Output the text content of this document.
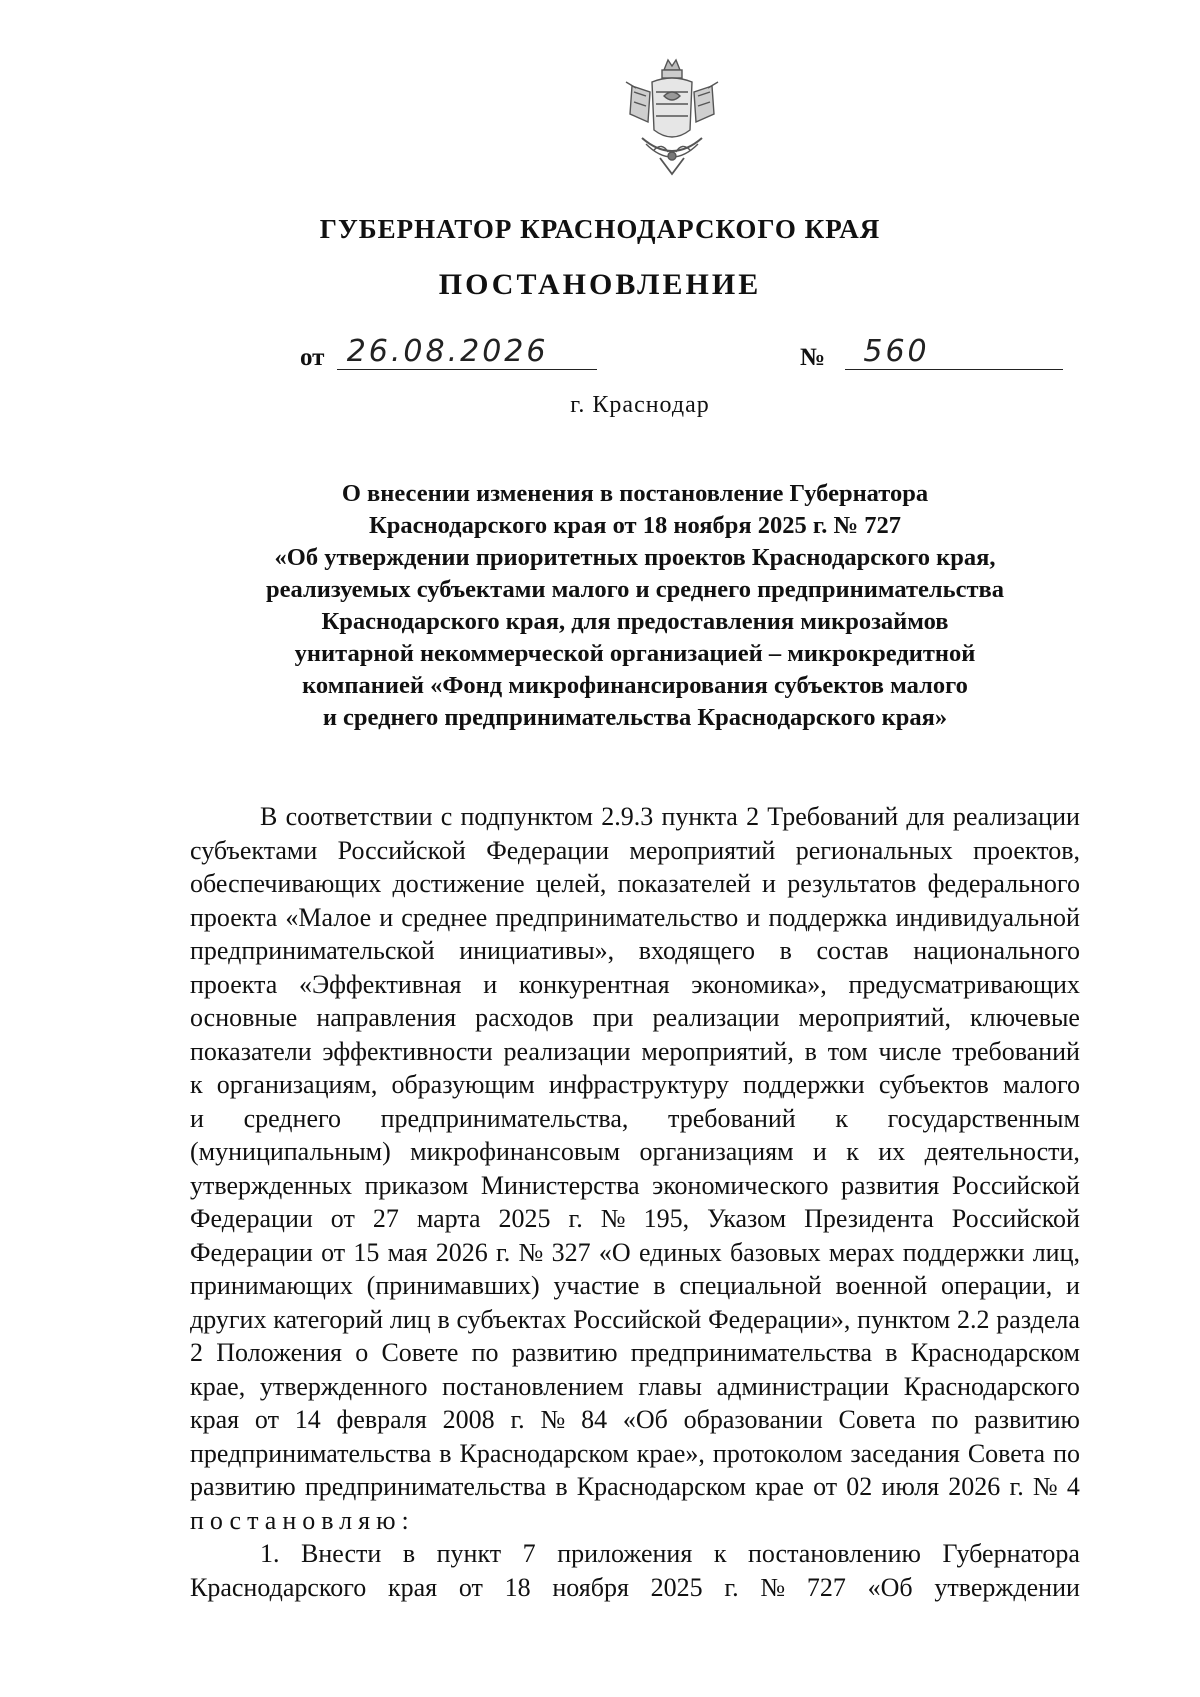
ГУБЕРНАТОР КРАСНОДАРСКОГО КРАЯ
ПОСТАНОВЛЕНИЕ
от 26.08.2026	№ 560
г. Краснодар
О внесении изменения в постановление Губернатора
Краснодарского края от 18 ноября 2025 г. № 727
«Об утверждении приоритетных проектов Краснодарского края,
реализуемых субъектами малого и среднего предпринимательства
Краснодарского края, для предоставления микрозаймов
унитарной некоммерческой организацией – микрокредитной
компанией «Фонд микрофинансирования субъектов малого
и среднего предпринимательства Краснодарского края»
В соответствии с подпунктом 2.9.3 пункта 2 Требований для реализации
субъектами Российской Федерации мероприятий региональных проектов,
обеспечивающих достижение целей, показателей и результатов федерального
проекта «Малое и среднее предпринимательство и поддержка индивидуальной
предпринимательской инициативы», входящего в состав национального
проекта «Эффективная и конкурентная экономика», предусматривающих
основные направления расходов при реализации мероприятий, ключевые
показатели эффективности реализации мероприятий, в том числе требований
к организациям, образующим инфраструктуру поддержки субъектов малого
и среднего предпринимательства, требований к государственным
(муниципальным) микрофинансовым организациям и к их деятельности,
утвержденных приказом Министерства экономического развития Российской
Федерации от 27 марта 2025 г. № 195, Указом Президента Российской
Федерации от 15 мая 2026 г. № 327 «О единых базовых мерах поддержки лиц,
принимающих (принимавших) участие в специальной военной операции, и
других категорий лиц в субъектах Российской Федерации», пунктом 2.2 раздела
2 Положения о Совете по развитию предпринимательства в Краснодарском
крае, утвержденного постановлением главы администрации Краснодарского
края от 14 февраля 2008 г. № 84 «Об образовании Совета по развитию
предпринимательства в Краснодарском крае», протоколом заседания Совета по
развитию предпринимательства в Краснодарском крае от 02 июля 2026 г. № 4
постановляю:
1. Внести в пункт 7 приложения к постановлению Губернатора
Краснодарского края от 18 ноября 2025 г. № 727 «Об утверждении
